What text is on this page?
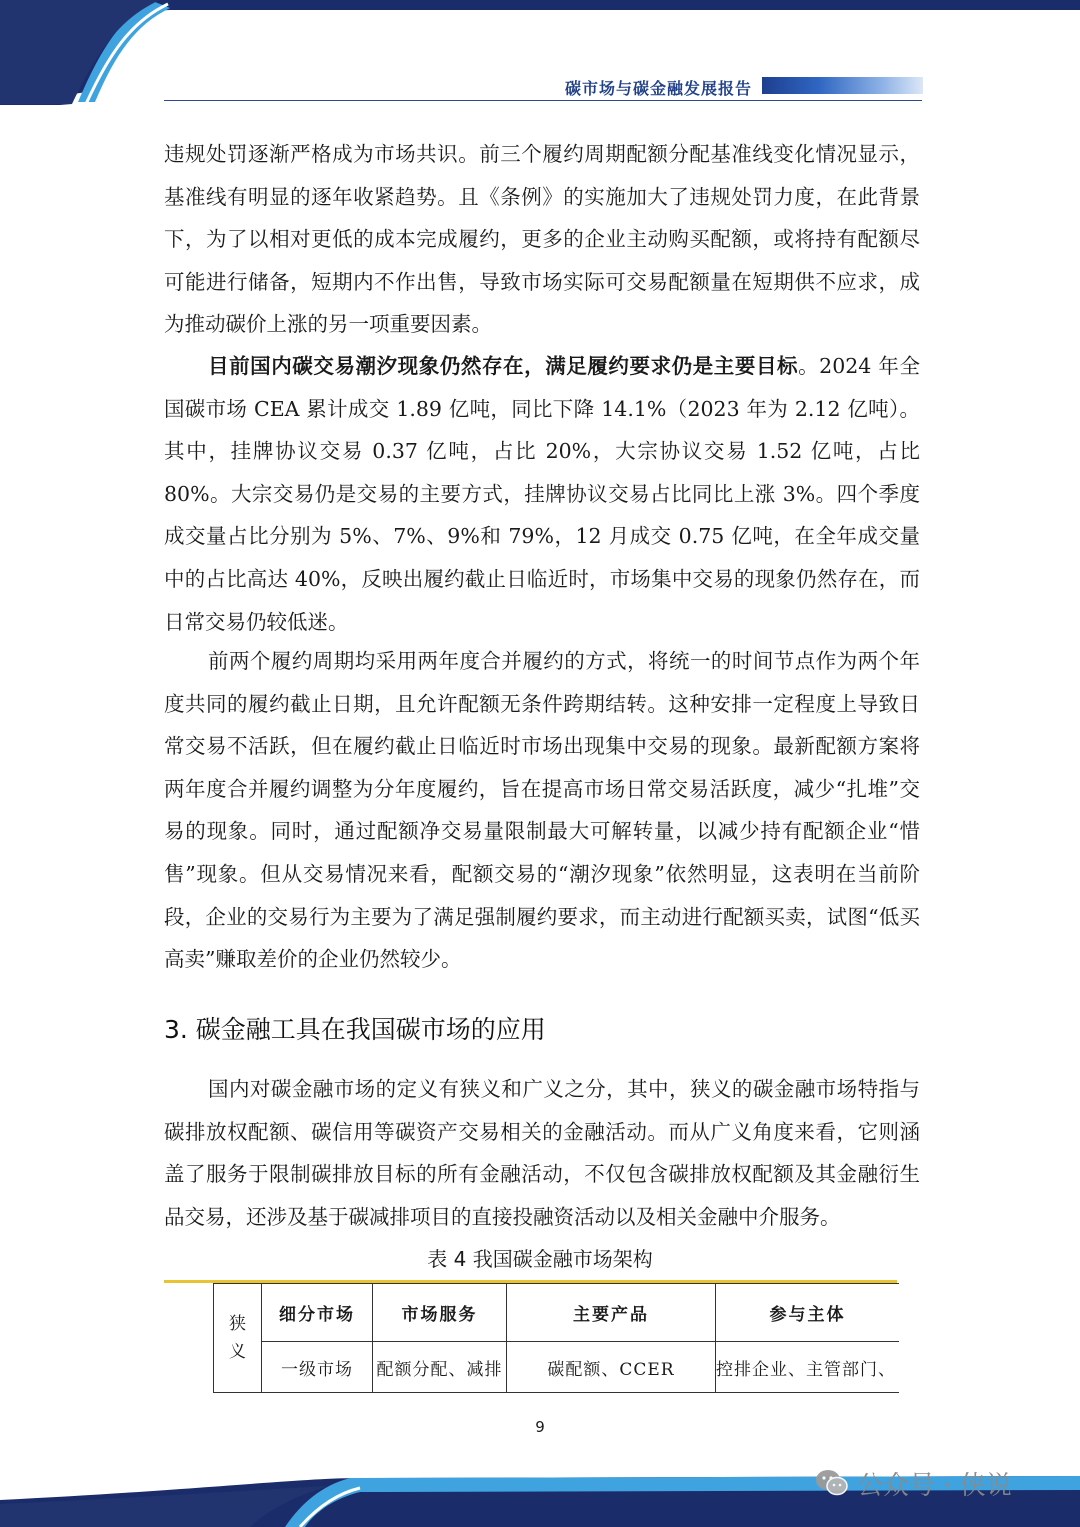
碳市场与碳金融发展报告

违规处罚逐渐严格成为市场共识。前三个履约周期配额分配基准线变化情况显示，基准线有明显的逐年收紧趋势。且《条例》的实施加大了违规处罚力度，在此背景下，为了以相对更低的成本完成履约，更多的企业主动购买配额，或将持有配额尽可能进行储备，短期内不作出售，导致市场实际可交易配额量在短期供不应求，成为推动碳价上涨的另一项重要因素。

目前国内碳交易潮汐现象仍然存在，满足履约要求仍是主要目标。2024 年全国碳市场 CEA 累计成交 1.89 亿吨，同比下降 14.1%（2023 年为 2.12 亿吨）。其中，挂牌协议交易 0.37 亿吨，占比 20%，大宗协议交易 1.52 亿吨，占比 80%。大宗交易仍是交易的主要方式，挂牌协议交易占比同比上涨 3%。四个季度成交量占比分别为 5%、7%、9%和 79%，12 月成交 0.75 亿吨，在全年成交量中的占比高达 40%，反映出履约截止日临近时，市场集中交易的现象仍然存在，而日常交易仍较低迷。

前两个履约周期均采用两年度合并履约的方式，将统一的时间节点作为两个年度共同的履约截止日期，且允许配额无条件跨期结转。这种安排一定程度上导致日常交易不活跃，但在履约截止日临近时市场出现集中交易的现象。最新配额方案将两年度合并履约调整为分年度履约，旨在提高市场日常交易活跃度，减少“扎堆”交易的现象。同时，通过配额净交易量限制最大可解转量，以减少持有配额企业“惜售”现象。但从交易情况来看，配额交易的“潮汐现象”依然明显，这表明在当前阶段，企业的交易行为主要为了满足强制履约要求，而主动进行配额买卖，试图“低买高卖”赚取差价的企业仍然较少。

3. 碳金融工具在我国碳市场的应用

国内对碳金融市场的定义有狭义和广义之分，其中，狭义的碳金融市场特指与碳排放权配额、碳信用等碳资产交易相关的金融活动。而从广义角度来看，它则涵盖了服务于限制碳排放目标的所有金融活动，不仅包含碳排放权配额及其金融衍生品交易，还涉及基于碳减排项目的直接投融资活动以及相关金融中介服务。

表 4 我国碳金融市场架构
狭
义	细分市场	市场服务	主要产品	参与主体
	一级市场	配额分配、减排	碳配额、CCER	控排企业、主管部门、
9
公众号 · 侠说
